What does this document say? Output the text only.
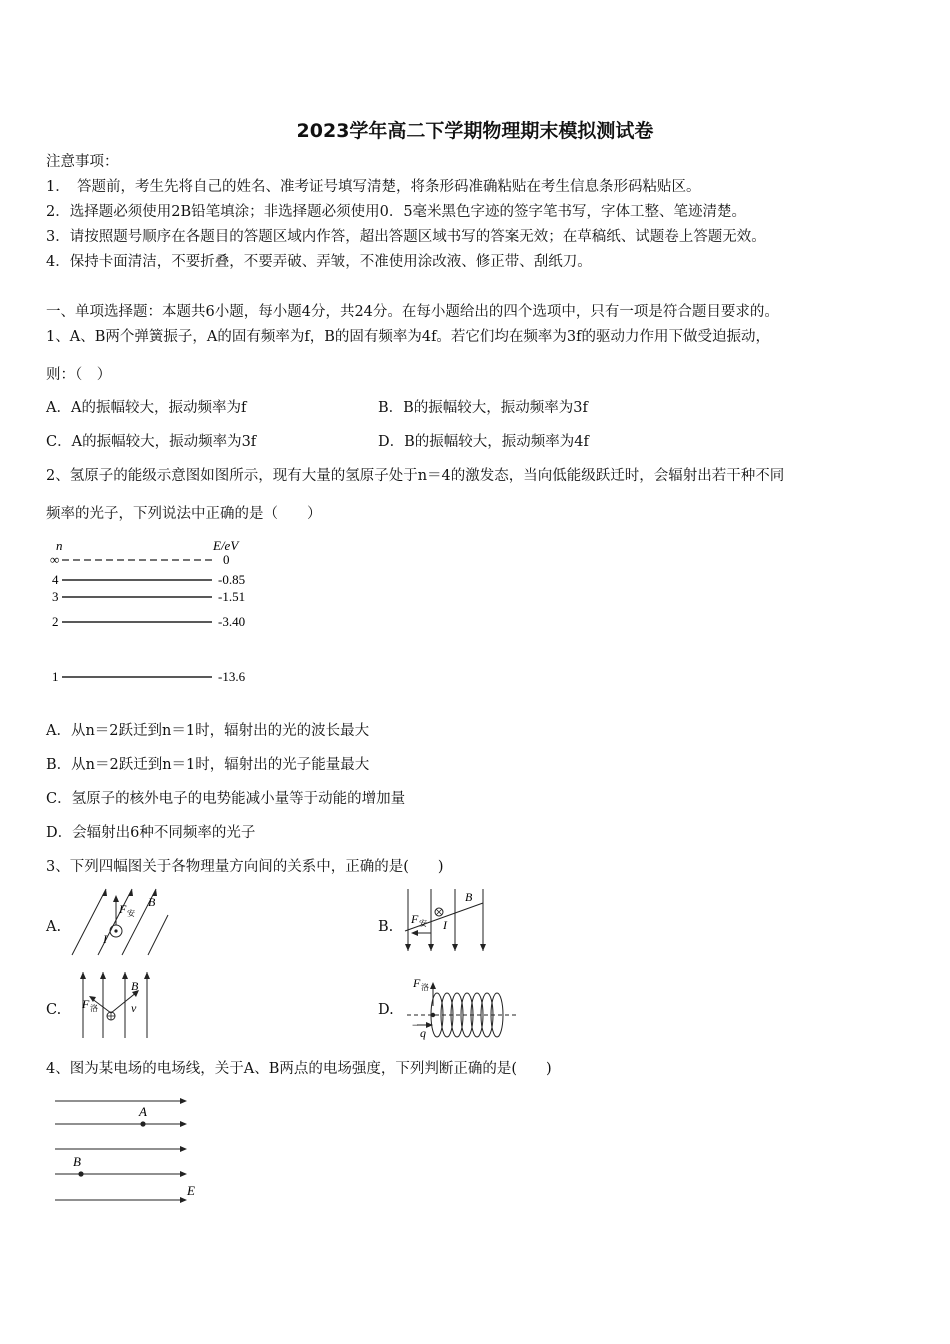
2023学年高二下学期物理期末模拟测试卷
注意事项：
1．　答题前，考生先将自己的姓名、准考证号填写清楚，将条形码准确粘贴在考生信息条形码粘贴区。
2．选择题必须使用2B铅笔填涂；非选择题必须使用0．5毫米黑色字迹的签字笔书写，字体工整、笔迹清楚。
3．请按照题号顺序在各题目的答题区域内作答，超出答题区域书写的答案无效；在草稿纸、试题卷上答题无效。
4．保持卡面清洁，不要折叠，不要弄破、弄皱，不准使用涂改液、修正带、刮纸刀。
一、单项选择题：本题共6小题，每小题4分，共24分。在每小题给出的四个选项中，只有一项是符合题目要求的。
1、A、B两个弹簧振子，A的固有频率为f，B的固有频率为4f。若它们均在频率为3f的驱动力作用下做受迫振动，
则：（　）
A．A的振幅较大，振动频率为f	B．B的振幅较大，振动频率为3f
C．A的振幅较大，振动频率为3f	D．B的振幅较大，振动频率为4f
2、氢原子的能级示意图如图所示，现有大量的氢原子处于n＝4的激发态，当向低能级跃迁时，会辐射出若干种不同
频率的光子，下列说法中正确的是（　　）
n	E/eV
∞
4
3
2
1
0
-0.85
-1.51
-3.40
-13.6
A．从n＝2跃迁到n＝1时，辐射出的光的波长最大
B．从n＝2跃迁到n＝1时，辐射出的光子能量最大
C．氢原子的核外电子的电势能减小量等于动能的增加量
D．会辐射出6种不同频率的光子
3、下列四幅图关于各物理量方向间的关系中，正确的是(　　)
A.
F 安
B
I
B. F 安
B
I
C. F 洛
B
v	D.
F 洛
−
q
4、图为某电场的电场线，关于A、B两点的电场强度，下列判断正确的是(　　)
A
B
E
